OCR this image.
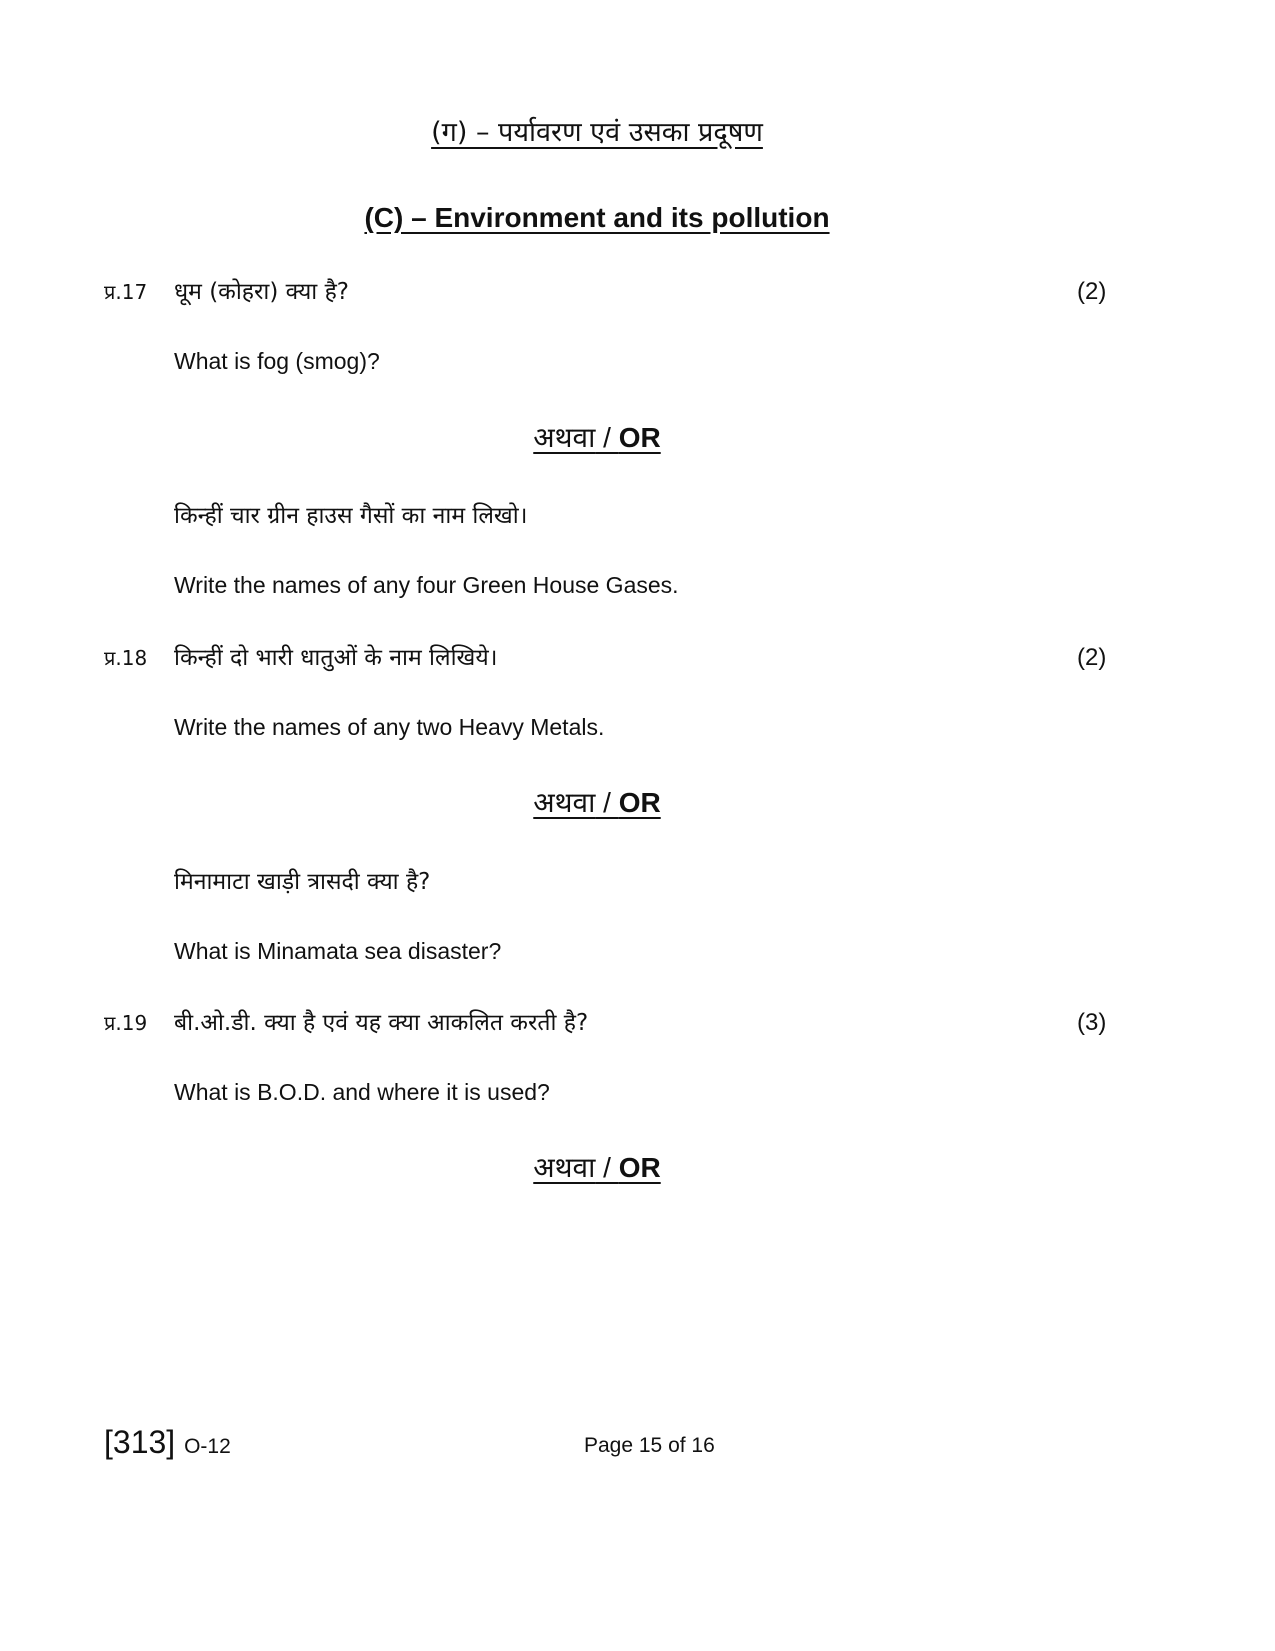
(ग) – पर्यावरण एवं उसका प्रदूषण
(C) – Environment and its pollution
प्र.17 धूम (कोहरा) क्या है?	(2)
What is fog (smog)?
अथवा / OR
किन्हीं चार ग्रीन हाउस गैसों का नाम लिखो।
Write the names of any four Green House Gases.
प्र.18 किन्हीं दो भारी धातुओं के नाम लिखिये।	(2)
Write the names of any two Heavy Metals.
अथवा / OR
मिनामाटा खाड़ी त्रासदी क्या है?
What is Minamata sea disaster?
प्र.19 बी.ओ.डी. क्या है एवं यह क्या आकलित करती है?	(3)
What is B.O.D. and where it is used?
अथवा / OR
[313] O-12	Page 15 of 16
